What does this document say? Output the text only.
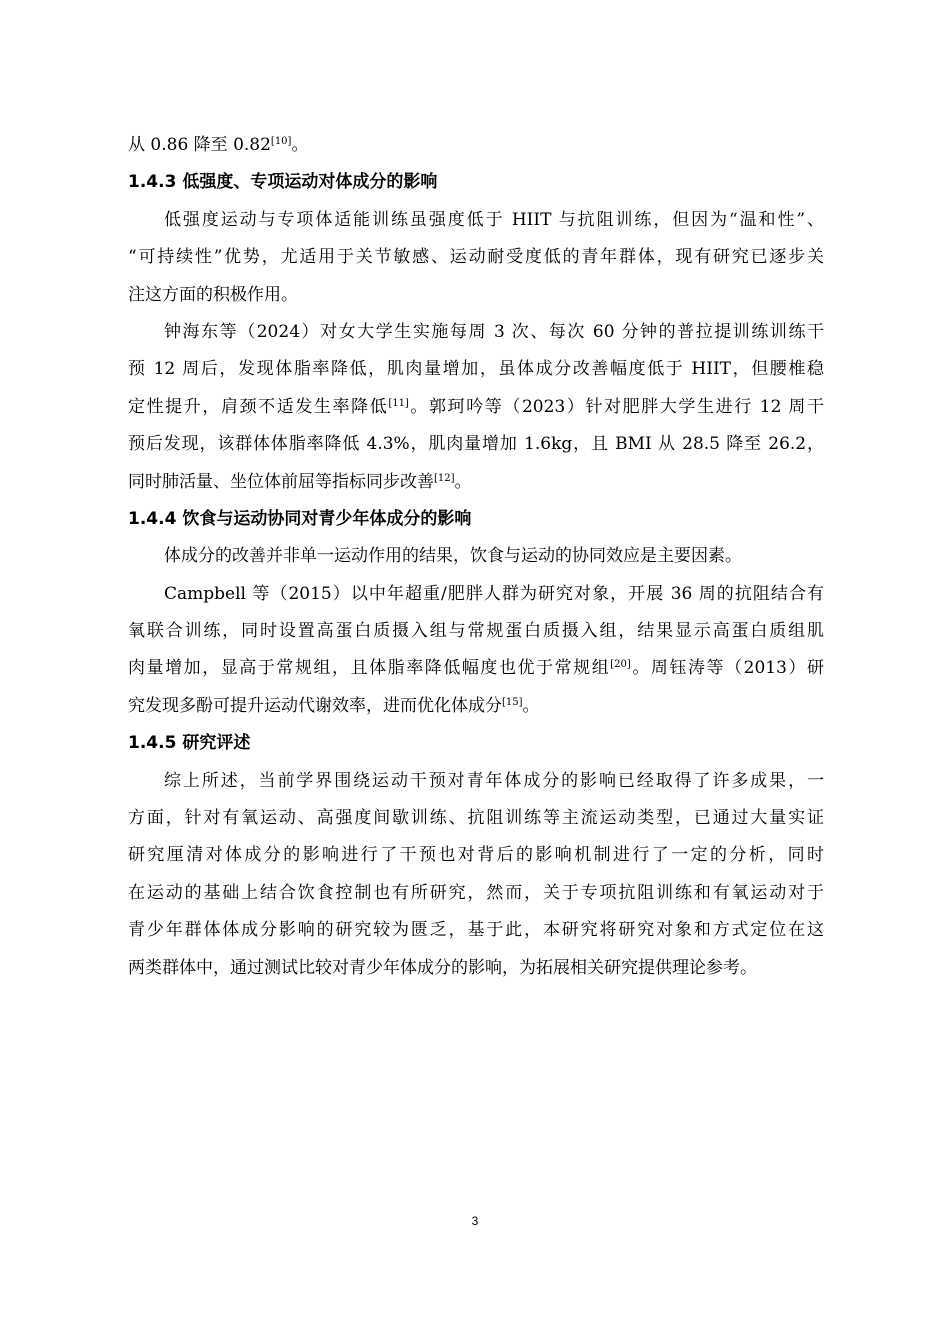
从 0.86 降至 0.82[10]。
1.4.3 低强度、专项运动对体成分的影响
低强度运动与专项体适能训练虽强度低于 HIIT 与抗阻训练，但因为“温和性”、
“可持续性”优势，尤适用于关节敏感、运动耐受度低的青年群体，现有研究已逐步关
注这方面的积极作用。
钟海东等（2024）对女大学生实施每周 3 次、每次 60 分钟的普拉提训练训练干
预 12 周后，发现体脂率降低，肌肉量增加，虽体成分改善幅度低于 HIIT，但腰椎稳
定性提升，肩颈不适发生率降低[11]。郭珂吟等（2023）针对肥胖大学生进行 12 周干
预后发现，该群体体脂率降低 4.3%，肌肉量增加 1.6kg，且 BMI 从 28.5 降至 26.2，
同时肺活量、坐位体前屈等指标同步改善[12]。
1.4.4 饮食与运动协同对青少年体成分的影响
体成分的改善并非单一运动作用的结果，饮食与运动的协同效应是主要因素。
Campbell 等（2015）以中年超重/肥胖人群为研究对象，开展 36 周的抗阻结合有
氧联合训练，同时设置高蛋白质摄入组与常规蛋白质摄入组，结果显示高蛋白质组肌
肉量增加，显高于常规组，且体脂率降低幅度也优于常规组[20]。周钰涛等（2013）研
究发现多酚可提升运动代谢效率，进而优化体成分[15]。
1.4.5 研究评述
综上所述，当前学界围绕运动干预对青年体成分的影响已经取得了许多成果，一
方面，针对有氧运动、高强度间歇训练、抗阻训练等主流运动类型，已通过大量实证
研究厘清对体成分的影响进行了干预也对背后的影响机制进行了一定的分析，同时
在运动的基础上结合饮食控制也有所研究，然而，关于专项抗阻训练和有氧运动对于
青少年群体体成分影响的研究较为匮乏，基于此，本研究将研究对象和方式定位在这
两类群体中，通过测试比较对青少年体成分的影响，为拓展相关研究提供理论参考。
3
